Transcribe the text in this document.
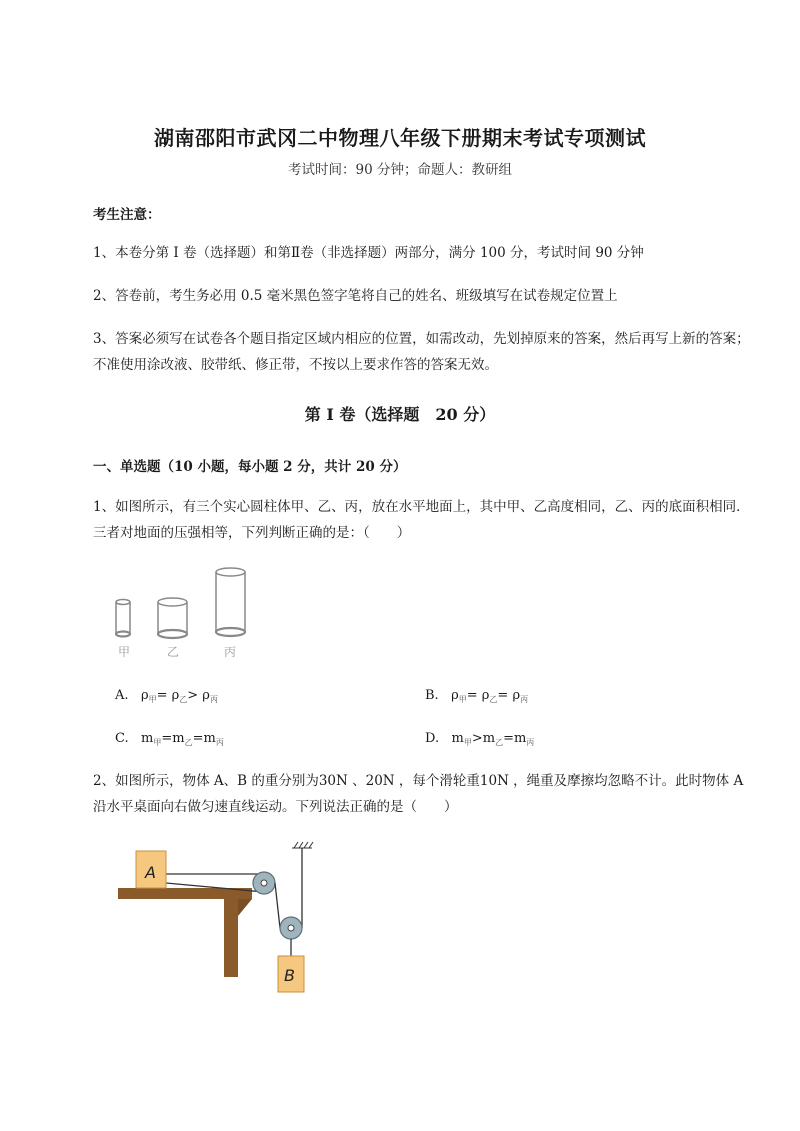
湖南邵阳市武冈二中物理八年级下册期末考试专项测试
考试时间：90 分钟；命题人：教研组
考生注意：
1、本卷分第 I 卷（选择题）和第Ⅱ卷（非选择题）两部分，满分 100 分，考试时间 90 分钟
2、答卷前，考生务必用 0.5 毫米黑色签字笔将自己的姓名、班级填写在试卷规定位置上
3、答案必须写在试卷各个题目指定区域内相应的位置，如需改动，先划掉原来的答案，然后再写上新的答案；不准使用涂改液、胶带纸、修正带，不按以上要求作答的答案无效。
第 I 卷（选择题　20 分）
一、单选题（10 小题，每小题 2 分，共计 20 分）
1、如图所示，有三个实心圆柱体甲、乙、丙，放在水平地面上，其中甲、乙高度相同，乙、丙的底面积相同．三者对地面的压强相等，下列判断正确的是：（　　）
甲	乙	丙
A. $\rho_甲= \rho_乙> \rho_丙$	B. $\rho_甲= \rho_乙= \rho_丙$
C. $m_甲=m_乙=m_丙$	D. $m_甲>m_乙=m_丙$
2、如图所示，物体 A、B 的重分别为30N 、20N ，每个滑轮重10N ，绳重及摩擦均忽略不计。此时物体 A 沿水平桌面向右做匀速直线运动。下列说法正确的是（　　）
A
B
